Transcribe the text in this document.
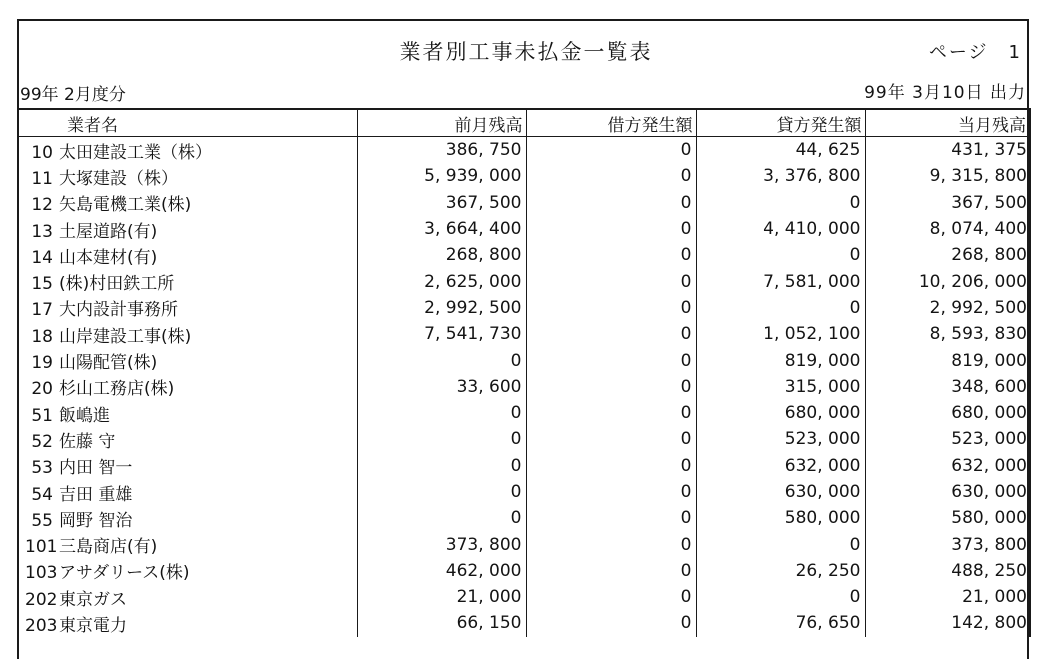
業者別工事未払金一覧表	ページ　1
99年 2月度分	99年 3月10日 出力
業者名	前月残高	借方発生額	貸方発生額	当月残高
10 太田建設工業（株）	386, 750	0	44, 625	431, 375
11 大塚建設（株）	5, 939, 000	0	3, 376, 800	9, 315, 800
12 矢島電機工業(株)	367, 500	0	0	367, 500
13 土屋道路(有)	3, 664, 400	0	4, 410, 000	8, 074, 400
14 山本建材(有)	268, 800	0	0	268, 800
15 (株)村田鉄工所	2, 625, 000	0	7, 581, 000	10, 206, 000
17 大内設計事務所	2, 992, 500	0	0	2, 992, 500
18 山岸建設工事(株)	7, 541, 730	0	1, 052, 100	8, 593, 830
19 山陽配管(株)	0	0	819, 000	819, 000
20 杉山工務店(株)	33, 600	0	315, 000	348, 600
51 飯嶋進	0	0	680, 000	680, 000
52 佐藤 守	0	0	523, 000	523, 000
53 内田 智一	0	0	632, 000	632, 000
54 吉田 重雄	0	0	630, 000	630, 000
55 岡野 智治	0	0	580, 000	580, 000
101三島商店(有)	373, 800	0	0	373, 800
103アサダリース(株)	462, 000	0	26, 250	488, 250
202東京ガス	21, 000	0	0	21, 000
203東京電力	66, 150	0	76, 650	142, 800
